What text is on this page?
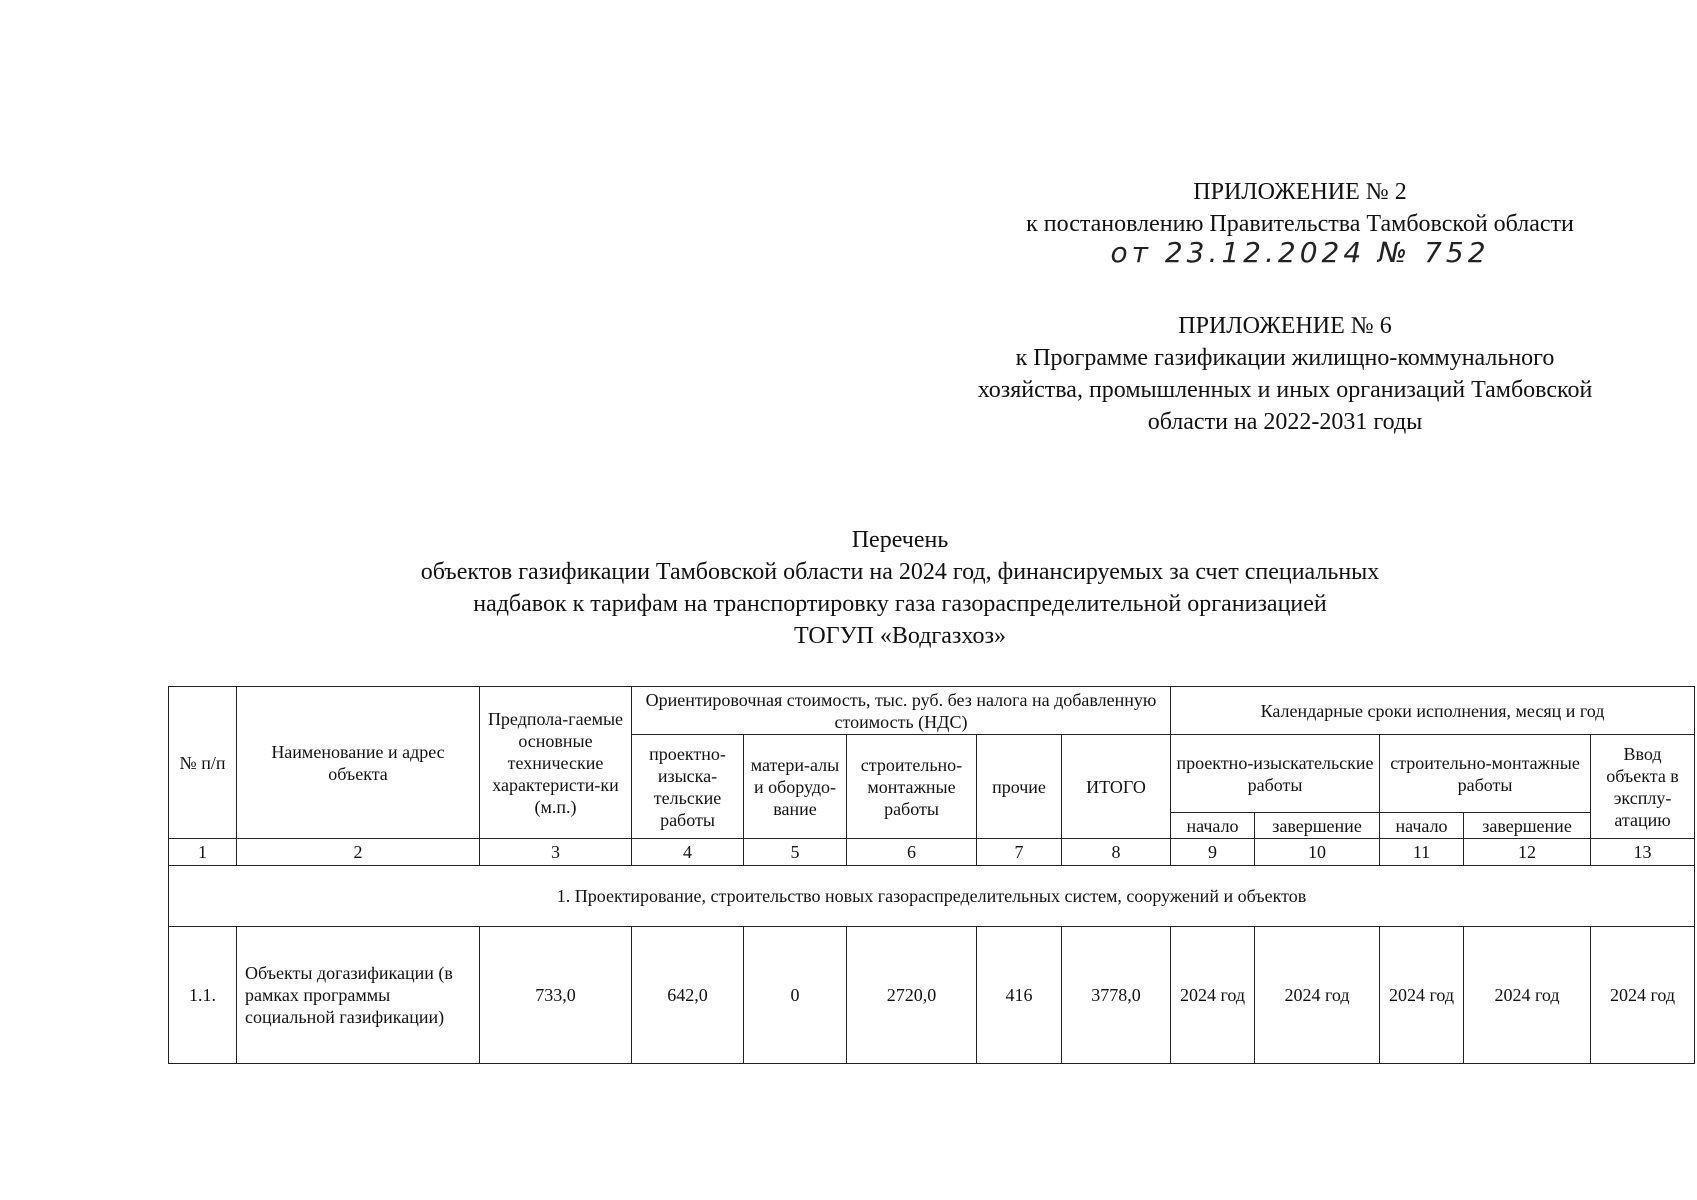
ПРИЛОЖЕНИЕ № 2
к постановлению Правительства Тамбовской области
от 23.12.2024 № 752
ПРИЛОЖЕНИЕ № 6
к Программе газификации жилищно-коммунального
хозяйства, промышленных и иных организаций Тамбовской
области на 2022-2031 годы
Перечень
объектов газификации Тамбовской области на 2024 год, финансируемых за счет специальных
надбавок к тарифам на транспортировку газа газораспределительной организацией
ТОГУП «Водгазхоз»
№ п/п	Наименование и адрес объекта	Предпола-гаемые основные технические характеристи-ки (м.п.)	Ориентировочная стоимость, тыс. руб. без налога на добавленную стоимость (НДС)					Календарные сроки исполнения, месяц и год				
			проектно-изыска-тельские работы	матери-алы и оборудо-вание	строительно-монтажные работы	прочие	ИТОГО	проектно-изыскательские работы		строительно-монтажные работы		Ввод объекта в эксплу-атацию
								начало	завершение	начало	завершение	
1	2	3	4	5	6	7	8	9	10	11	12	13
1. Проектирование, строительство новых газораспределительных систем, сооружений и объектов												
1.1.	Объекты догазификации (в рамках программы социальной газификации)	733,0	642,0	0	2720,0	416	3778,0	2024 год	2024 год	2024 год	2024 год	2024 год
